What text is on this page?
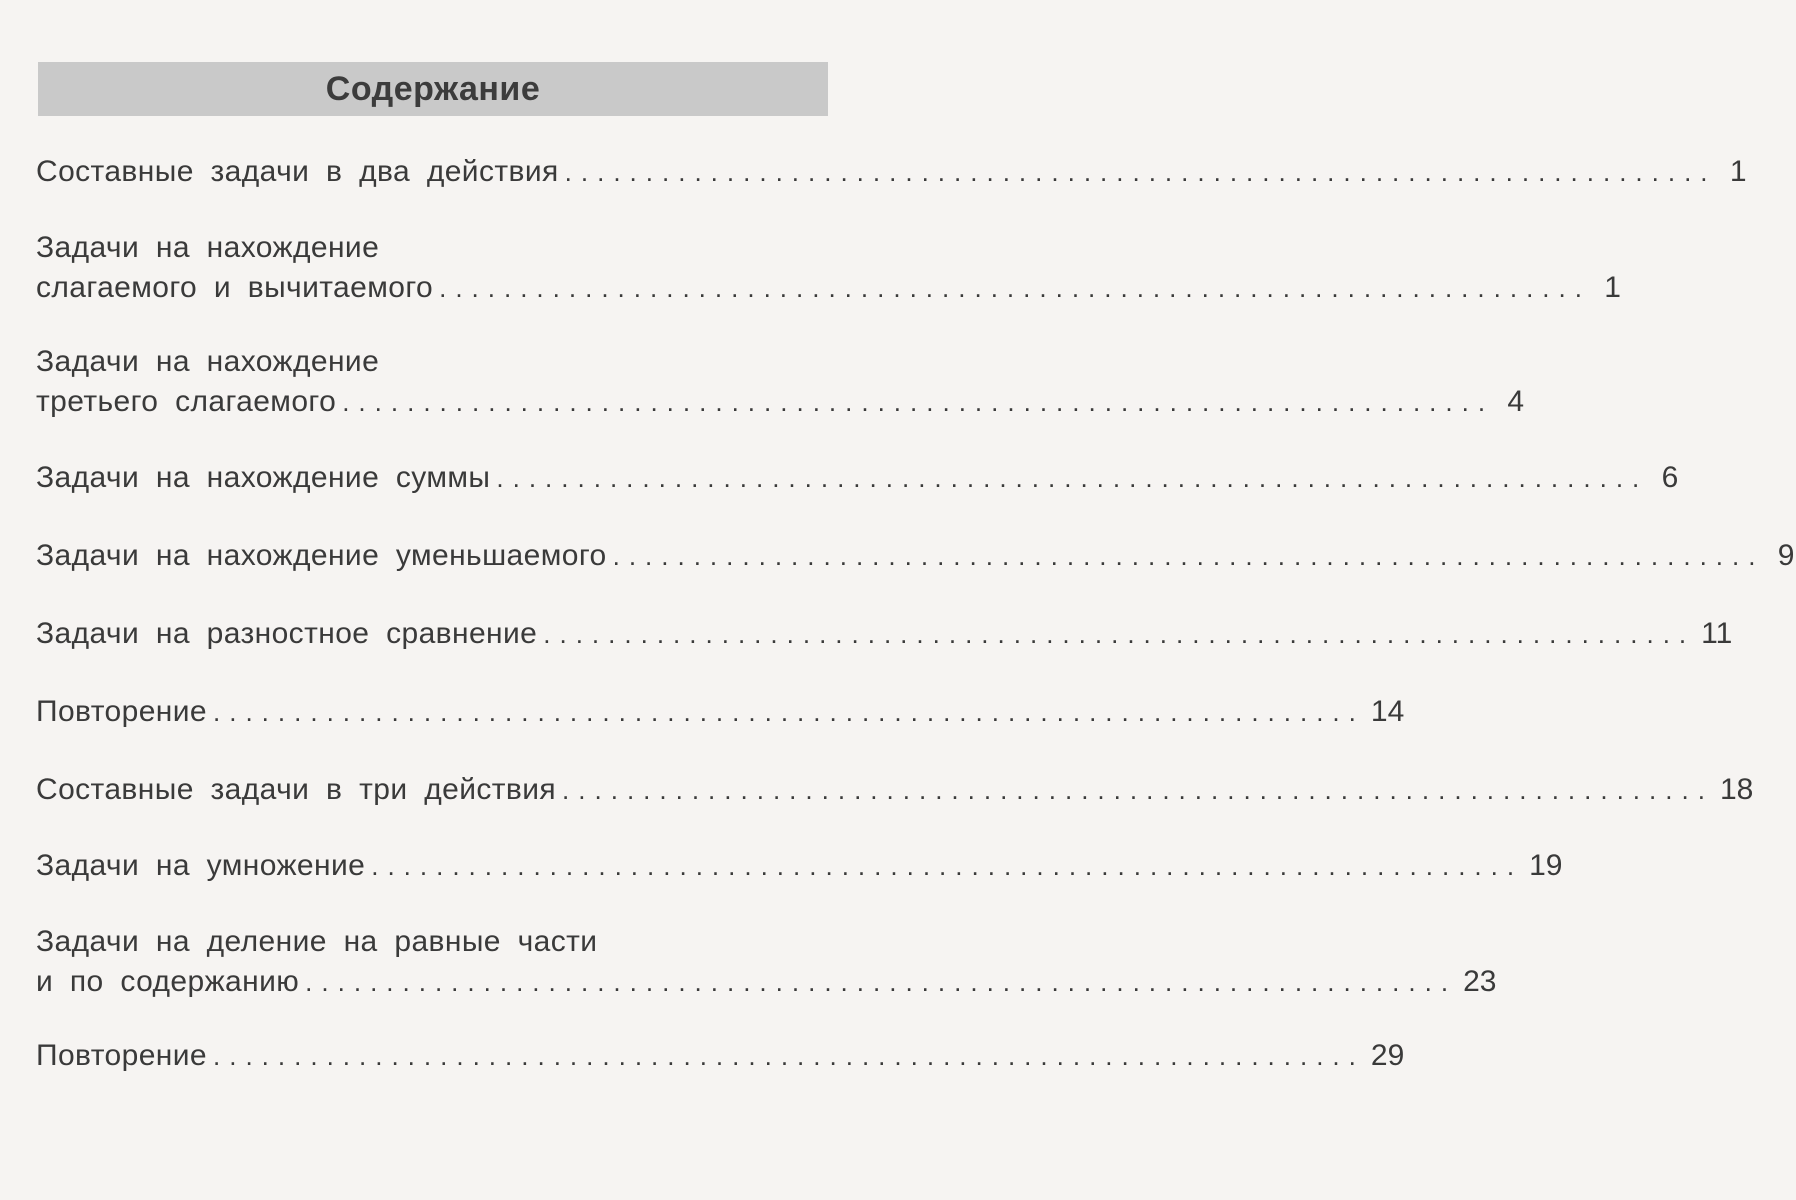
Содержание
Составные задачи в два действия ....................................................................... 1
Задачи на нахождение
слагаемого и вычитаемого ....................................................................... 1
Задачи на нахождение
третьего слагаемого ....................................................................... 4
Задачи на нахождение суммы ....................................................................... 6
Задачи на нахождение уменьшаемого ....................................................................... 9
Задачи на разностное сравнение ....................................................................... 11
Повторение ....................................................................... 14
Составные задачи в три действия ....................................................................... 18
Задачи на умножение ....................................................................... 19
Задачи на деление на равные части
и по содержанию ....................................................................... 23
Повторение ....................................................................... 29
